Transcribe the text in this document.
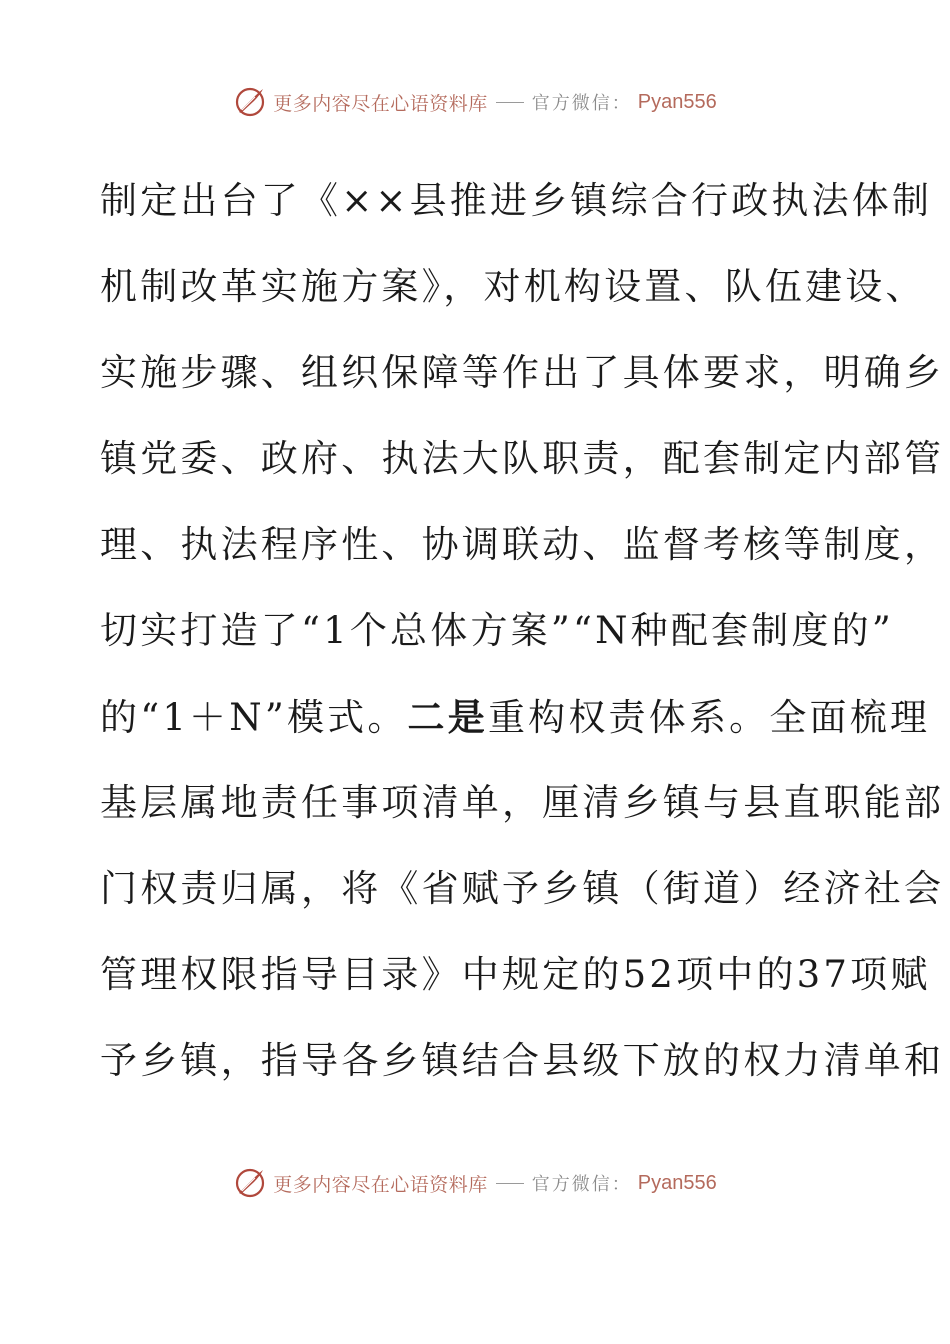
更多内容尽在心语资料库 官方微信： Pyan556
制定出台了《××县推进乡镇综合行政执法体制
机制改革实施方案》，对机构设置、队伍建设、
实施步骤、组织保障等作出了具体要求，明确乡
镇党委、政府、执法大队职责，配套制定内部管
理、执法程序性、协调联动、监督考核等制度，
切实打造了“1个总体方案”“N种配套制度的”
的“1＋N”模式。二是重构权责体系。全面梳理
基层属地责任事项清单，厘清乡镇与县直职能部
门权责归属，将《省赋予乡镇（街道）经济社会
管理权限指导目录》中规定的52项中的37项赋
予乡镇，指导各乡镇结合县级下放的权力清单和
更多内容尽在心语资料库 官方微信： Pyan556
